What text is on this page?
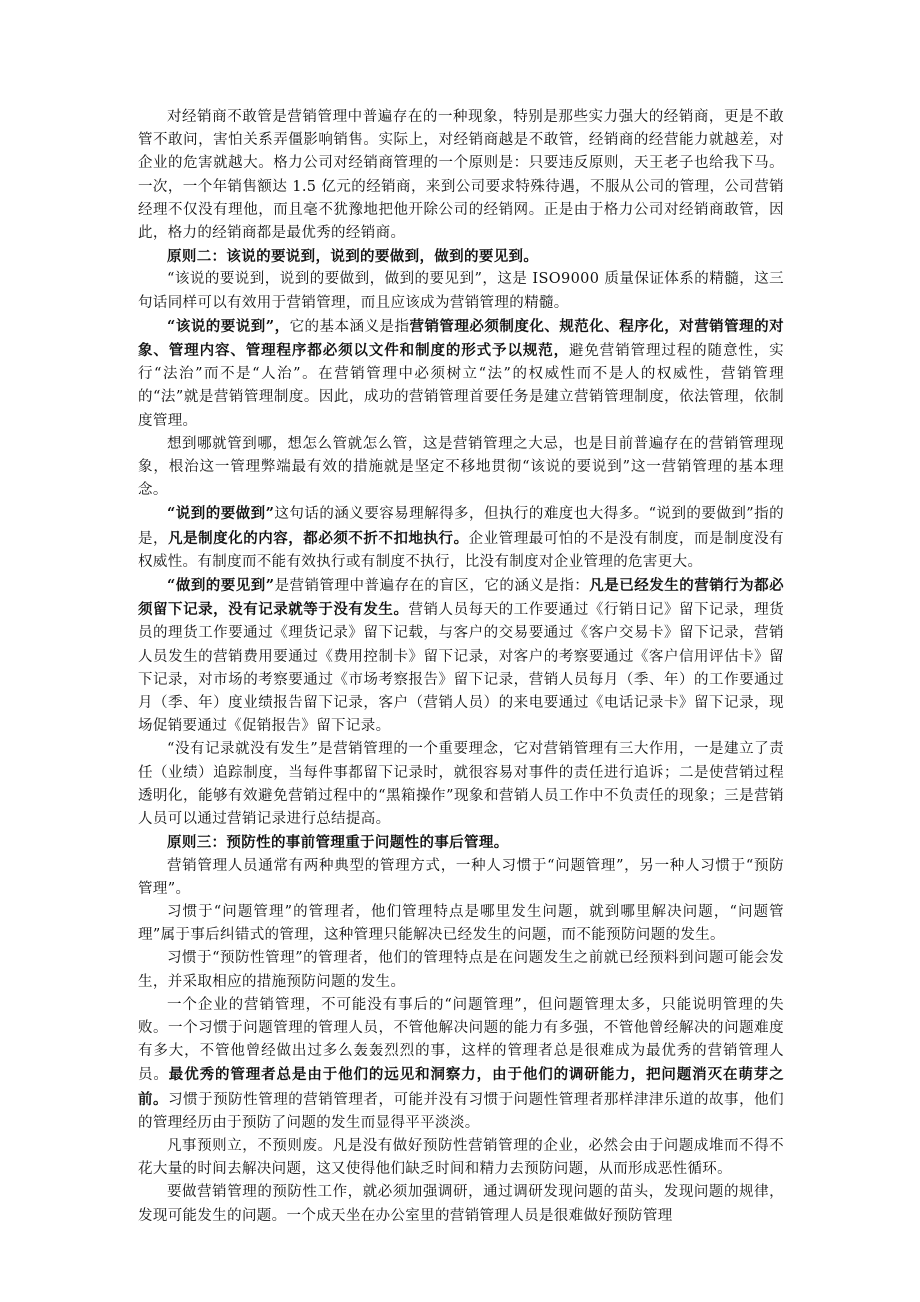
对经销商不敢管是营销管理中普遍存在的一种现象，特别是那些实力强大的经销商，更是不敢管不敢问，害怕关系弄僵影响销售。实际上，对经销商越是不敢管，经销商的经营能力就越差，对企业的危害就越大。格力公司对经销商管理的一个原则是：只要违反原则，天王老子也给我下马。一次，一个年销售额达 1.5 亿元的经销商，来到公司要求特殊待遇，不服从公司的管理，公司营销经理不仅没有理他，而且毫不犹豫地把他开除公司的经销网。正是由于格力公司对经销商敢管，因此，格力的经销商都是最优秀的经销商。

原则二：该说的要说到，说到的要做到，做到的要见到。

“该说的要说到，说到的要做到，做到的要见到”，这是 ISO9000 质量保证体系的精髓，这三句话同样可以有效用于营销管理，而且应该成为营销管理的精髓。

“该说的要说到”，它的基本涵义是指营销管理必须制度化、规范化、程序化，对营销管理的对象、管理内容、管理程序都必须以文件和制度的形式予以规范，避免营销管理过程的随意性，实行“法治”而不是“人治”。在营销管理中必须树立“法”的权威性而不是人的权威性，营销管理的“法”就是营销管理制度。因此，成功的营销管理首要任务是建立营销管理制度，依法管理，依制度管理。

想到哪就管到哪，想怎么管就怎么管，这是营销管理之大忌，也是目前普遍存在的营销管理现象，根治这一管理弊端最有效的措施就是坚定不移地贯彻“该说的要说到”这一营销管理的基本理念。

“说到的要做到”这句话的涵义要容易理解得多，但执行的难度也大得多。“说到的要做到”指的是，凡是制度化的内容，都必须不折不扣地执行。企业管理最可怕的不是没有制度，而是制度没有权威性。有制度而不能有效执行或有制度不执行，比没有制度对企业管理的危害更大。

“做到的要见到”是营销管理中普遍存在的盲区，它的涵义是指：凡是已经发生的营销行为都必须留下记录，没有记录就等于没有发生。营销人员每天的工作要通过《行销日记》留下记录，理货员的理货工作要通过《理货记录》留下记载，与客户的交易要通过《客户交易卡》留下记录，营销人员发生的营销费用要通过《费用控制卡》留下记录，对客户的考察要通过《客户信用评估卡》留下记录，对市场的考察要通过《市场考察报告》留下记录，营销人员每月（季、年）的工作要通过月（季、年）度业绩报告留下记录，客户（营销人员）的来电要通过《电话记录卡》留下记录，现场促销要通过《促销报告》留下记录。

“没有记录就没有发生”是营销管理的一个重要理念，它对营销管理有三大作用，一是建立了责任（业绩）追踪制度，当每件事都留下记录时，就很容易对事件的责任进行追诉；二是使营销过程透明化，能够有效避免营销过程中的“黑箱操作”现象和营销人员工作中不负责任的现象；三是营销人员可以通过营销记录进行总结提高。

原则三：预防性的事前管理重于问题性的事后管理。

营销管理人员通常有两种典型的管理方式，一种人习惯于“问题管理”，另一种人习惯于“预防管理”。

习惯于“问题管理”的管理者，他们管理特点是哪里发生问题，就到哪里解决问题，“问题管理”属于事后纠错式的管理，这种管理只能解决已经发生的问题，而不能预防问题的发生。

习惯于“预防性管理”的管理者，他们的管理特点是在问题发生之前就已经预料到问题可能会发生，并采取相应的措施预防问题的发生。

一个企业的营销管理，不可能没有事后的“问题管理”，但问题管理太多，只能说明管理的失败。一个习惯于问题管理的管理人员，不管他解决问题的能力有多强，不管他曾经解决的问题难度有多大，不管他曾经做出过多么轰轰烈烈的事，这样的管理者总是很难成为最优秀的营销管理人员。最优秀的管理者总是由于他们的远见和洞察力，由于他们的调研能力，把问题消灭在萌芽之前。习惯于预防性管理的营销管理者，可能并没有习惯于问题性管理者那样津津乐道的故事，他们的管理经历由于预防了问题的发生而显得平平淡淡。

凡事预则立，不预则废。凡是没有做好预防性营销管理的企业，必然会由于问题成堆而不得不花大量的时间去解决问题，这又使得他们缺乏时间和精力去预防问题，从而形成恶性循环。

要做营销管理的预防性工作，就必须加强调研，通过调研发现问题的苗头，发现问题的规律，发现可能发生的问题。一个成天坐在办公室里的营销管理人员是很难做好预防管理
